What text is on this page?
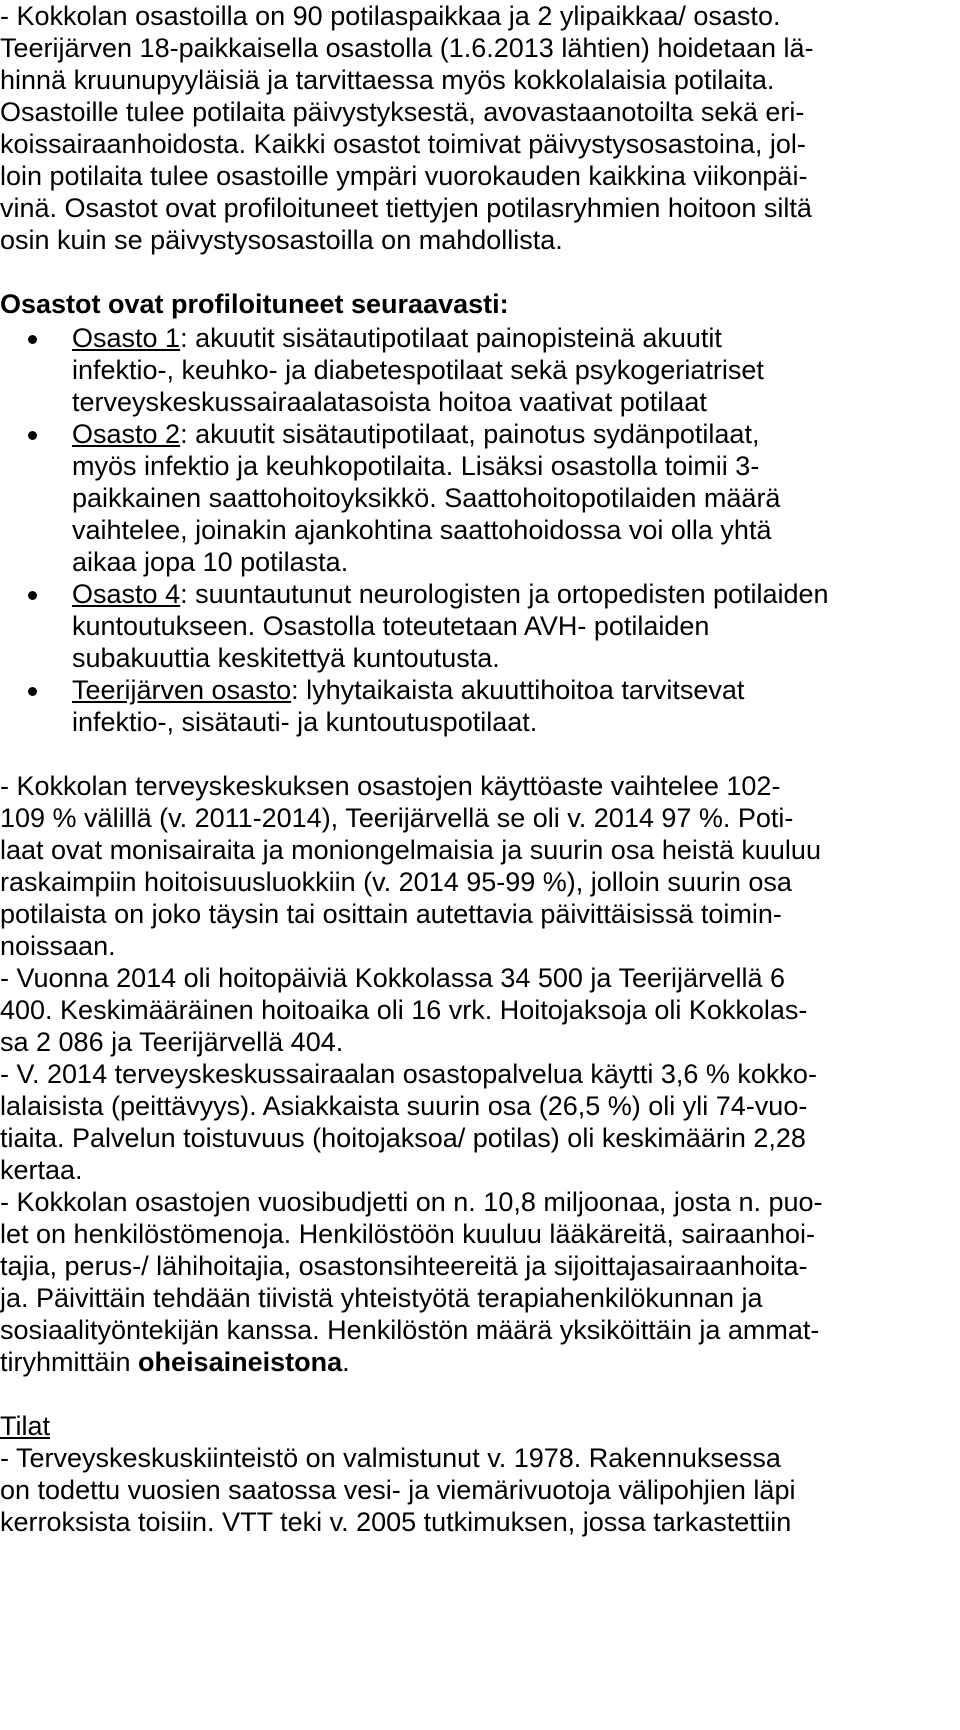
- Kokkolan osastoilla on 90 potilaspaikkaa ja 2 ylipaikkaa/ osasto.
Teerijärven 18-paikkaisella osastolla (1.6.2013 lähtien) hoidetaan lä-
hinnä kruunupyyläisiä ja tarvittaessa myös kokkolalaisia potilaita.
Osastoille tulee potilaita päivystyksestä, avovastaanotoilta sekä eri-
koissairaanhoidosta. Kaikki osastot toimivat päivystysosastoina, jol-
loin potilaita tulee osastoille ympäri vuorokauden kaikkina viikonpäi-
vinä. Osastot ovat profiloituneet tiettyjen potilasryhmien hoitoon siltä
osin kuin se päivystysosastoilla on mahdollista.
Osastot ovat profiloituneet seuraavasti:
Osasto 1: akuutit sisätautipotilaat painopisteinä akuutit
infektio-, keuhko- ja diabetespotilaat sekä psykogeriatriset
terveyskeskussairaalatasoista hoitoa vaativat potilaat
Osasto 2: akuutit sisätautipotilaat, painotus sydänpotilaat,
myös infektio ja keuhkopotilaita. Lisäksi osastolla toimii 3-
paikkainen saattohoitoyksikkö. Saattohoitopotilaiden määrä
vaihtelee, joinakin ajankohtina saattohoidossa voi olla yhtä
aikaa jopa 10 potilasta.
Osasto 4: suuntautunut neurologisten ja ortopedisten potilaiden
kuntoutukseen. Osastolla toteutetaan AVH- potilaiden
subakuuttia keskitettyä kuntoutusta.
Teerijärven osasto: lyhytaikaista akuuttihoitoa tarvitsevat
infektio-, sisätauti- ja kuntoutuspotilaat.
- Kokkolan terveyskeskuksen osastojen käyttöaste vaihtelee 102-
109 % välillä (v. 2011-2014), Teerijärvellä se oli v. 2014 97 %. Poti-
laat ovat monisairaita ja moniongelmaisia ja suurin osa heistä kuuluu
raskaimpiin hoitoisuusluokkiin (v. 2014 95-99 %), jolloin suurin osa
potilaista on joko täysin tai osittain autettavia päivittäisissä toimin-
noissaan.
- Vuonna 2014 oli hoitopäiviä Kokkolassa 34 500 ja Teerijärvellä 6
400. Keskimääräinen hoitoaika oli 16 vrk. Hoitojaksoja oli Kokkolas-
sa 2 086 ja Teerijärvellä 404.
- V. 2014 terveyskeskussairaalan osastopalvelua käytti 3,6 % kokko-
lalaisista (peittävyys). Asiakkaista suurin osa (26,5 %) oli yli 74-vuo-
tiaita. Palvelun toistuvuus (hoitojaksoa/ potilas) oli keskimäärin 2,28
kertaa.
- Kokkolan osastojen vuosibudjetti on n. 10,8 miljoonaa, josta n. puo-
let on henkilöstömenoja. Henkilöstöön kuuluu lääkäreitä, sairaanhoi-
tajia, perus-/ lähihoitajia, osastonsihteereitä ja sijoittajasairaanhoita-
ja. Päivittäin tehdään tiivistä yhteistyötä terapiahenkilökunnan ja
sosiaalityöntekijän kanssa. Henkilöstön määrä yksiköittäin ja ammat-
tiryhmittäin oheisaineistona.
Tilat
- Terveyskeskuskiinteistö on valmistunut v. 1978. Rakennuksessa
on todettu vuosien saatossa vesi- ja viemärivuotoja välipohjien läpi
kerroksista toisiin. VTT teki v. 2005 tutkimuksen, jossa tarkastettiin
